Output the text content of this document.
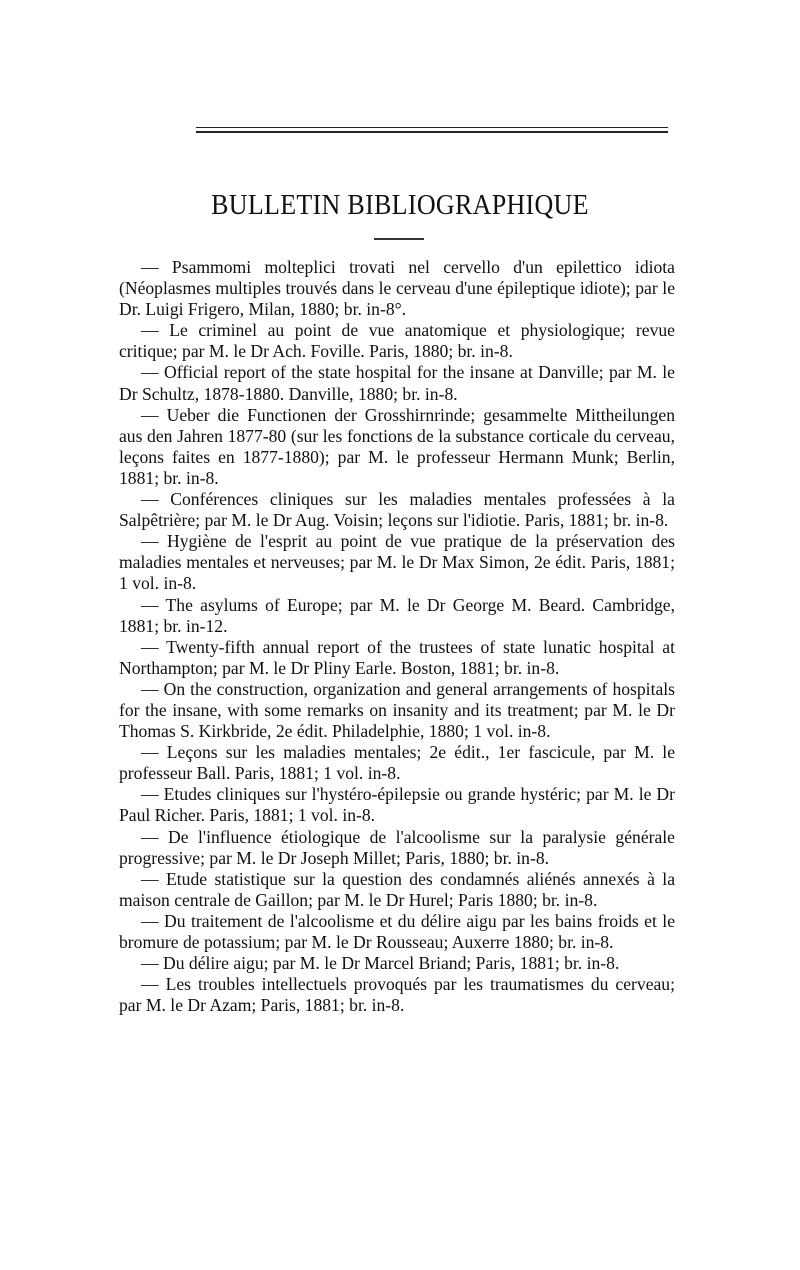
BULLETIN BIBLIOGRAPHIQUE

— Psammomi molteplici trovati nel cervello d'un epilettico idiota (Néoplasmes multiples trouvés dans le cerveau d'une épileptique idiote); par le Dr. Luigi Frigero, Milan, 1880; br. in-8°.

— Le criminel au point de vue anatomique et physiologique; revue critique; par M. le Dr Ach. Foville. Paris, 1880; br. in-8.

— Official report of the state hospital for the insane at Danville; par M. le Dr Schultz, 1878-1880. Danville, 1880; br. in-8.

— Ueber die Functionen der Grosshirnrinde; gesammelte Mittheilungen aus den Jahren 1877-80 (sur les fonctions de la substance corticale du cerveau, leçons faites en 1877-1880); par M. le professeur Hermann Munk; Berlin, 1881; br. in-8.

— Conférences cliniques sur les maladies mentales professées à la Salpêtrière; par M. le Dr Aug. Voisin; leçons sur l'idiotie. Paris, 1881; br. in-8.

— Hygiène de l'esprit au point de vue pratique de la préservation des maladies mentales et nerveuses; par M. le Dr Max Simon, 2e édit. Paris, 1881; 1 vol. in-8.

— The asylums of Europe; par M. le Dr George M. Beard. Cambridge, 1881; br. in-12.

— Twenty-fifth annual report of the trustees of state lunatic hospital at Northampton; par M. le Dr Pliny Earle. Boston, 1881; br. in-8.

— On the construction, organization and general arrangements of hospitals for the insane, with some remarks on insanity and its treatment; par M. le Dr Thomas S. Kirkbride, 2e édit. Philadelphie, 1880; 1 vol. in-8.

— Leçons sur les maladies mentales; 2e édit., 1er fascicule, par M. le professeur Ball. Paris, 1881; 1 vol. in-8.

— Etudes cliniques sur l'hystéro-épilepsie ou grande hystéric; par M. le Dr Paul Richer. Paris, 1881; 1 vol. in-8.

— De l'influence étiologique de l'alcoolisme sur la paralysie générale progressive; par M. le Dr Joseph Millet; Paris, 1880; br. in-8.

— Etude statistique sur la question des condamnés aliénés annexés à la maison centrale de Gaillon; par M. le Dr Hurel; Paris 1880; br. in-8.

— Du traitement de l'alcoolisme et du délire aigu par les bains froids et le bromure de potassium; par M. le Dr Rousseau; Auxerre 1880; br. in-8.

— Du délire aigu; par M. le Dr Marcel Briand; Paris, 1881; br. in-8.

— Les troubles intellectuels provoqués par les traumatismes du cerveau; par M. le Dr Azam; Paris, 1881; br. in-8.
